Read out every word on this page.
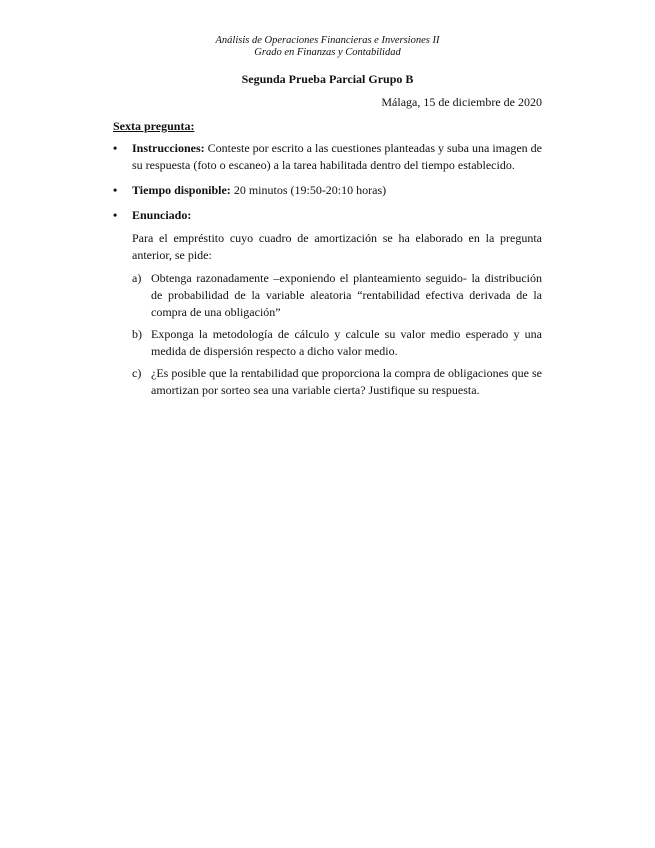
Análisis de Operaciones Financieras e Inversiones II
Grado en Finanzas y Contabilidad
Segunda Prueba Parcial Grupo B
Málaga, 15 de diciembre de 2020
Sexta pregunta:
•	Instrucciones: Conteste por escrito a las cuestiones planteadas y suba una imagen de su respuesta (foto o escaneo) a la tarea habilitada dentro del tiempo establecido.
•	Tiempo disponible: 20 minutos (19:50-20:10 horas)
•	Enunciado:
Para el empréstito cuyo cuadro de amortización se ha elaborado en la pregunta anterior, se pide:
a) Obtenga razonadamente –exponiendo el planteamiento seguido- la distribución de probabilidad de la variable aleatoria “rentabilidad efectiva derivada de la compra de una obligación”
b) Exponga la metodología de cálculo y calcule su valor medio esperado y una medida de dispersión respecto a dicho valor medio.
c) ¿Es posible que la rentabilidad que proporciona la compra de obligaciones que se amortizan por sorteo sea una variable cierta? Justifique su respuesta.
